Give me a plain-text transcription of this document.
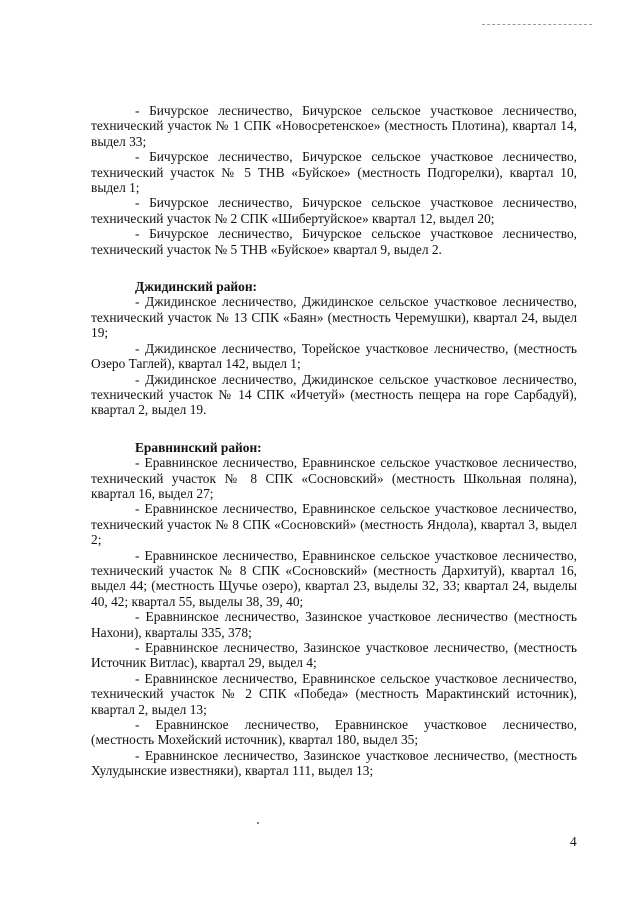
- Бичурское лесничество, Бичурское сельское участковое лесничество, технический участок № 1 СПК «Новосретенское» (местность Плотина), квартал 14, выдел 33;

- Бичурское лесничество, Бичурское сельское участковое лесничество, технический участок № 5 ТНВ «Буйское» (местность Подгорелки), квартал 10, выдел 1;

- Бичурское лесничество, Бичурское сельское участковое лесничество, технический участок № 2 СПК «Шибертуйское» квартал 12, выдел 20;

- Бичурское лесничество, Бичурское сельское участковое лесничество, технический участок № 5 ТНВ «Буйское» квартал 9, выдел 2.

Джидинский район:

- Джидинское лесничество, Джидинское сельское участковое лесничество, технический участок № 13 СПК «Баян» (местность Черемушки), квартал 24, выдел 19;

- Джидинское лесничество, Торейское участковое лесничество, (местность Озеро Таглей), квартал 142, выдел 1;

- Джидинское лесничество, Джидинское сельское участковое лесничество, технический участок № 14 СПК «Ичетуй» (местность пещера на горе Сарбадуй), квартал 2, выдел 19.

Еравнинский район:

- Еравнинское лесничество, Еравнинское сельское участковое лесничество, технический участок № 8 СПК «Сосновский» (местность Школьная поляна), квартал 16, выдел 27;

- Еравнинское лесничество, Еравнинское сельское участковое лесничество, технический участок № 8 СПК «Сосновский» (местность Яндола), квартал 3, выдел 2;

- Еравнинское лесничество, Еравнинское сельское участковое лесничество, технический участок № 8 СПК «Сосновский» (местность Дархитуй), квартал 16, выдел 44; (местность Щучье озеро), квартал 23, выделы 32, 33; квартал 24, выделы 40, 42; квартал 55, выделы 38, 39, 40;

- Еравнинское лесничество, Зазинское участковое лесничество (местность Нахони), кварталы 335, 378;

- Еравнинское лесничество, Зазинское участковое лесничество, (местность Источник Витлас), квартал 29, выдел 4;

- Еравнинское лесничество, Еравнинское сельское участковое лесничество, технический участок № 2 СПК «Победа» (местность Марактинский источник), квартал 2, выдел 13;

- Еравнинское лесничество, Еравнинское участковое лесничество, (местность Мохейский источник), квартал 180, выдел 35;

- Еравнинское лесничество, Зазинское участковое лесничество, (местность Хулудынские известняки), квартал 111, выдел 13;

4
